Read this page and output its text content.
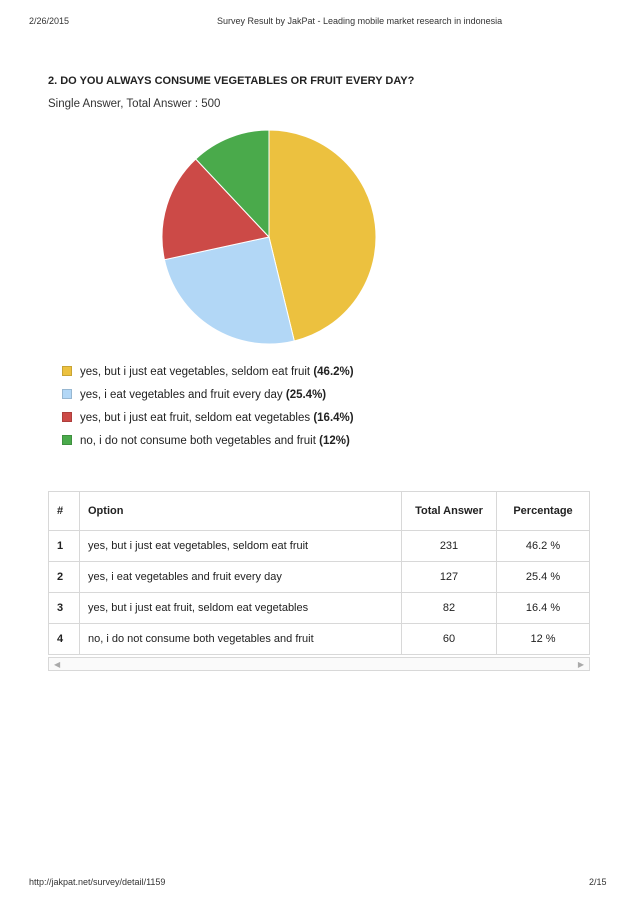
2/26/2015	Survey Result by JakPat - Leading mobile market research in indonesia
2. DO YOU ALWAYS CONSUME VEGETABLES OR FRUIT EVERY DAY?
Single Answer, Total Answer : 500
yes, but i just eat vegetables, seldom eat fruit (46.2%)
yes, i eat vegetables and fruit every day (25.4%)
yes, but i just eat fruit, seldom eat vegetables (16.4%)
no, i do not consume both vegetables and fruit (12%)
#	Option	Total Answer	Percentage
1	yes, but i just eat vegetables, seldom eat fruit	231	46.2 %
2	yes, i eat vegetables and fruit every day	127	25.4 %
3	yes, but i just eat fruit, seldom eat vegetables	82	16.4 %
4	no, i do not consume both vegetables and fruit	60	12 %
◀	▶
http://jakpat.net/survey/detail/1159	2/15
